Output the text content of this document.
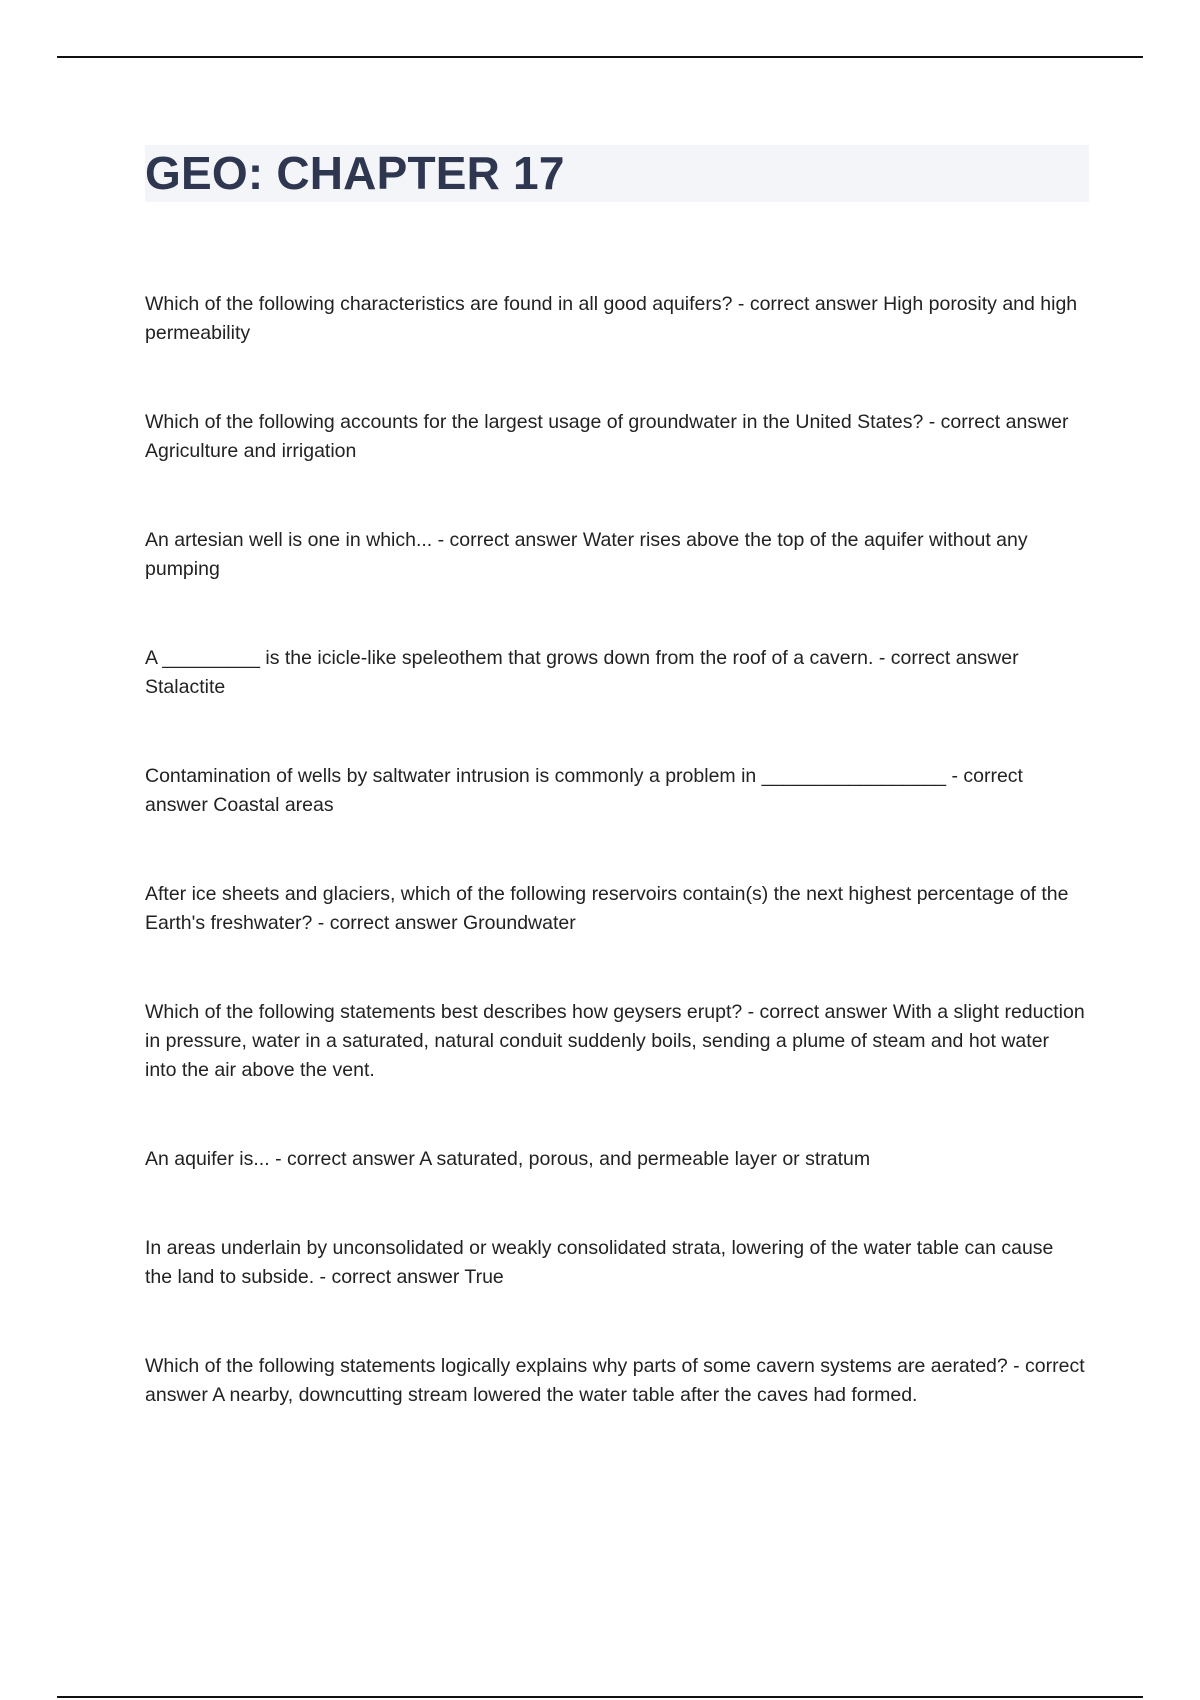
GEO: CHAPTER 17
Which of the following characteristics are found in all good aquifers? - correct answer High porosity and high permeability
Which of the following accounts for the largest usage of groundwater in the United States? - correct answer Agriculture and irrigation
An artesian well is one in which... - correct answer Water rises above the top of the aquifer without any pumping
A _________ is the icicle-like speleothem that grows down from the roof of a cavern. - correct answer Stalactite
Contamination of wells by saltwater intrusion is commonly a problem in _________________ - correct answer Coastal areas
After ice sheets and glaciers, which of the following reservoirs contain(s) the next highest percentage of the Earth's freshwater? - correct answer Groundwater
Which of the following statements best describes how geysers erupt? - correct answer With a slight reduction in pressure, water in a saturated, natural conduit suddenly boils, sending a plume of steam and hot water into the air above the vent.
An aquifer is... - correct answer A saturated, porous, and permeable layer or stratum
In areas underlain by unconsolidated or weakly consolidated strata, lowering of the water table can cause the land to subside. - correct answer True
Which of the following statements logically explains why parts of some cavern systems are aerated? - correct answer A nearby, downcutting stream lowered the water table after the caves had formed.
